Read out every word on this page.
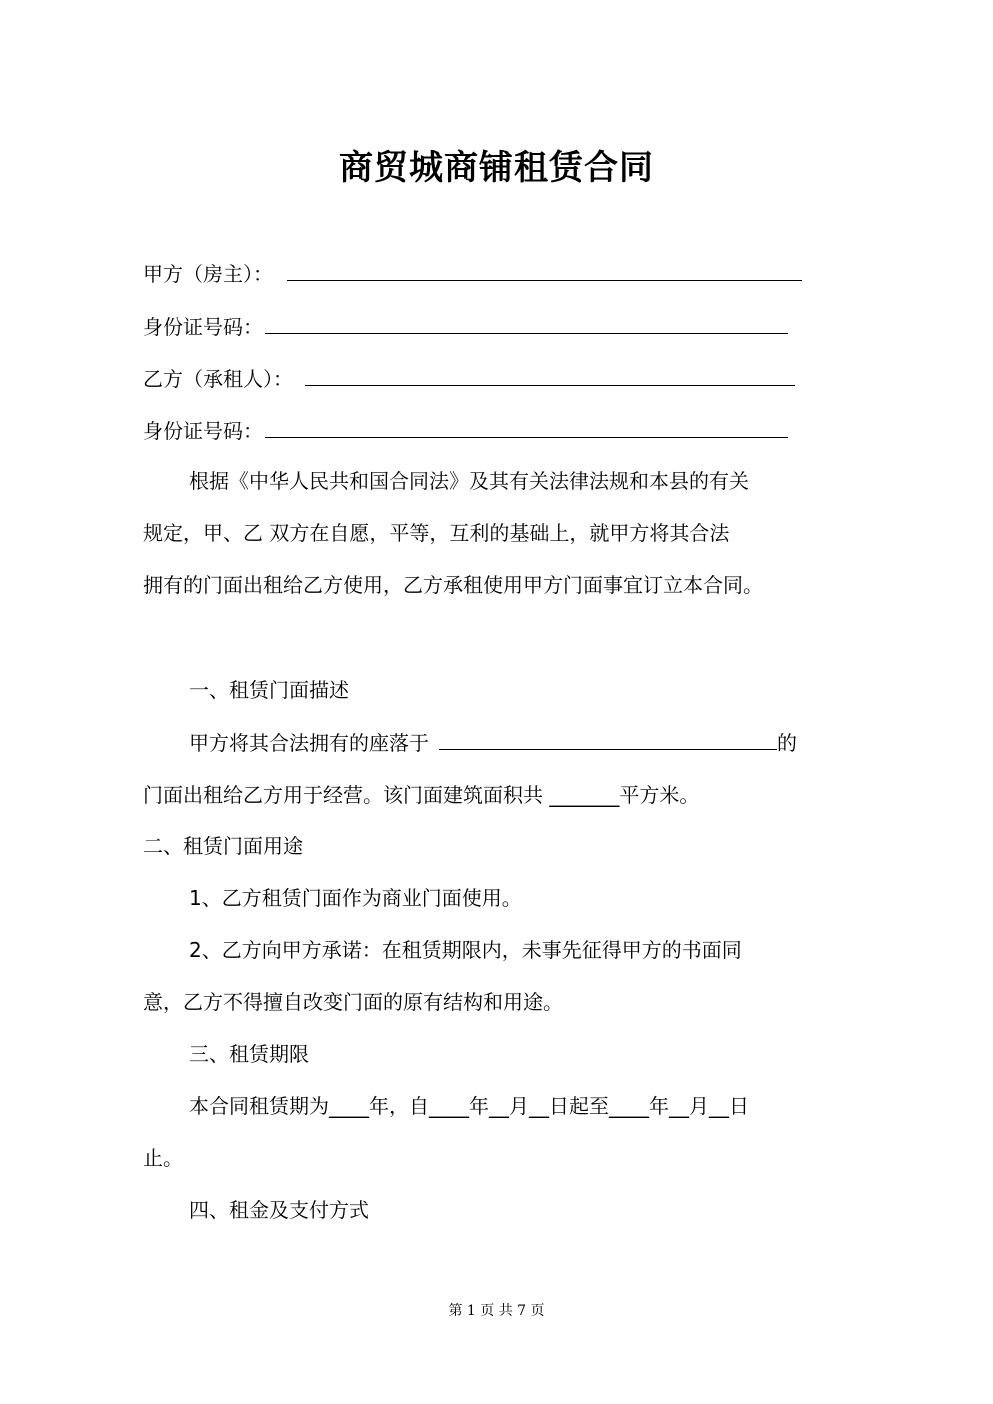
商贸城商铺租赁合同
甲方（房主）：
身份证号码：
乙方（承租人）：
身份证号码：
根据《中华人民共和国合同法》及其有关法律法规和本县的有关
规定，甲、乙 双方在自愿，平等，互利的基础上，就甲方将其合法
拥有的门面出租给乙方使用，乙方承租使用甲方门面事宜订立本合同。
一、租赁门面描述
甲方将其合法拥有的座落于	的
门面出租给乙方用于经营。该门面建筑面积共 _______平方米。
二、租赁门面用途
1、乙方租赁门面作为商业门面使用。
2、乙方向甲方承诺：在租赁期限内，未事先征得甲方的书面同
意，乙方不得擅自改变门面的原有结构和用途。
三、租赁期限
本合同租赁期为____年，自____年__月__日起至____年__月__日
止。
四、租金及支付方式
第 1 页 共 7 页
